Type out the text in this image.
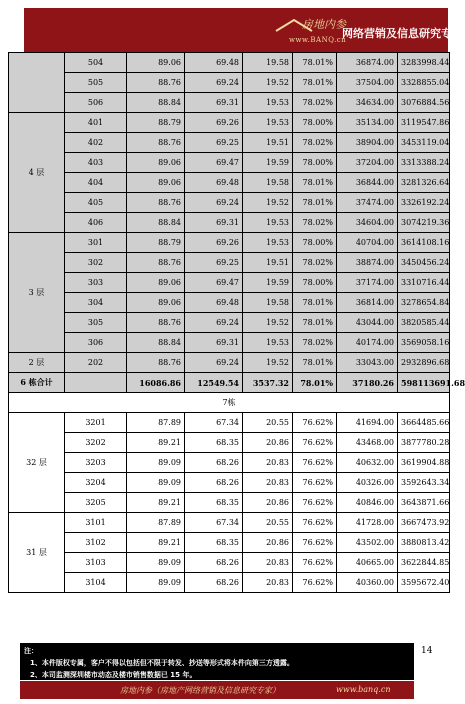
房地内参
www.BANQ.cn
网络营销及信息研究专家
	504	89.06	69.48	19.58	78.01%	36874.00	3283998.44
	505	88.76	69.24	19.52	78.01%	37504.00	3328855.04
	506	88.84	69.31	19.53	78.02%	34634.00	3076884.56
4 层	401	88.79	69.26	19.53	78.00%	35134.00	3119547.86
	402	88.76	69.25	19.51	78.02%	38904.00	3453119.04
	403	89.06	69.47	19.59	78.00%	37204.00	3313388.24
	404	89.06	69.48	19.58	78.01%	36844.00	3281326.64
	405	88.76	69.24	19.52	78.01%	37474.00	3326192.24
	406	88.84	69.31	19.53	78.02%	34604.00	3074219.36
3 层	301	88.79	69.26	19.53	78.00%	40704.00	3614108.16
	302	88.76	69.25	19.51	78.02%	38874.00	3450456.24
	303	89.06	69.47	19.59	78.00%	37174.00	3310716.44
	304	89.06	69.48	19.58	78.01%	36814.00	3278654.84
	305	88.76	69.24	19.52	78.01%	43044.00	3820585.44
	306	88.84	69.31	19.53	78.02%	40174.00	3569058.16
2 层	202	88.76	69.24	19.52	78.01%	33043.00	2932896.68
6 栋合计		16086.86	12549.54	3537.32	78.01%	37180.26	598113691.68
7栋							
32 层	3201	87.89	67.34	20.55	76.62%	41694.00	3664485.66
	3202	89.21	68.35	20.86	76.62%	43468.00	3877780.28
	3203	89.09	68.26	20.83	76.62%	40632.00	3619904.88
	3204	89.09	68.26	20.83	76.62%	40326.00	3592643.34
	3205	89.21	68.35	20.86	76.62%	40846.00	3643871.66
31 层	3101	87.89	67.34	20.55	76.62%	41728.00	3667473.92
	3102	89.21	68.35	20.86	76.62%	43502.00	3880813.42
	3103	89.09	68.26	20.83	76.62%	40665.00	3622844.85
	3104	89.09	68.26	20.83	76.62%	40360.00	3595672.40
14
注：
1、本件版权专属，客户不得以包括但不限于转发、抄送等形式将本件向第三方透露。
2、本司监测深圳楼市动态及楼市销售数据已 15 年。
房地内参（房地产网络营销及信息研究专家）	www.banq.cn
